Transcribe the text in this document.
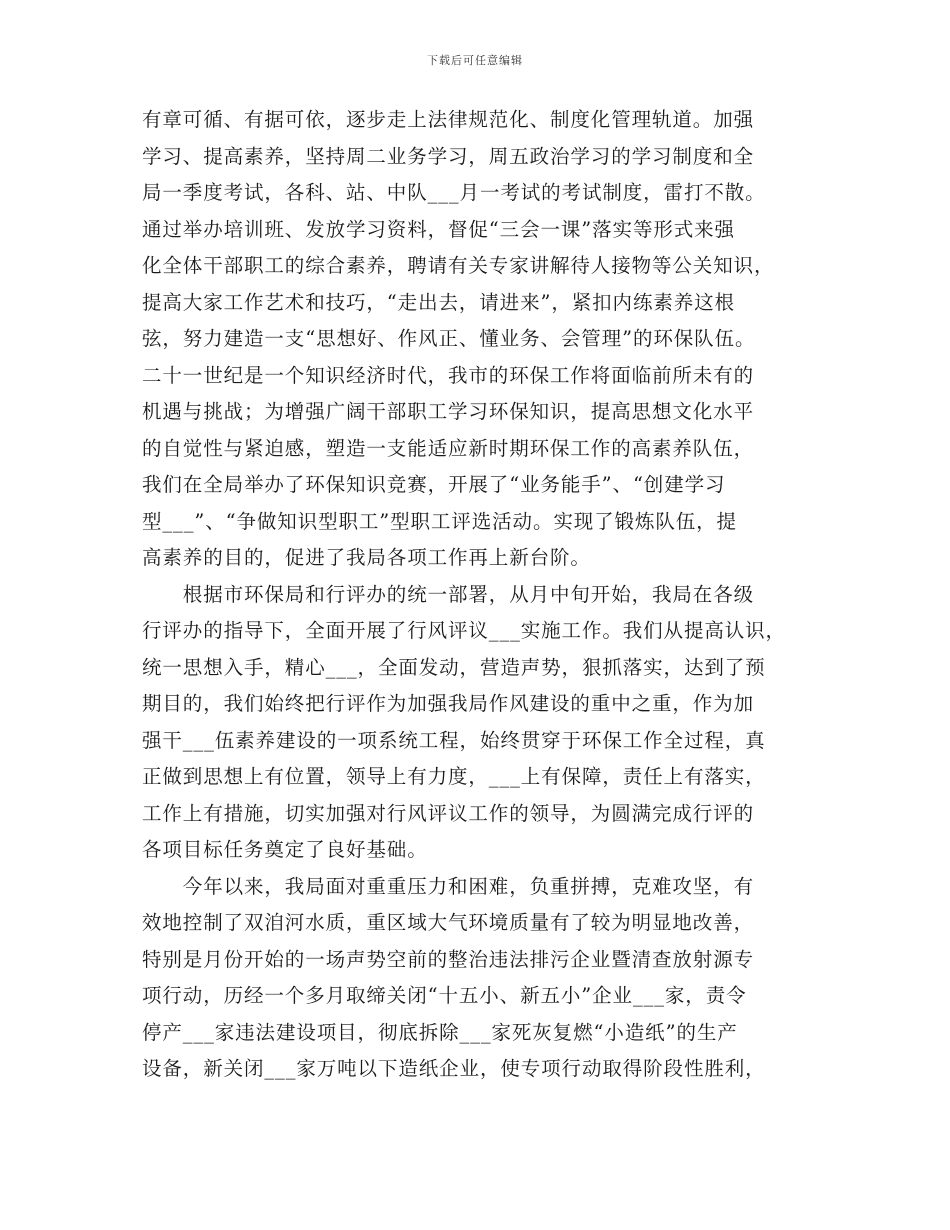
下载后可任意编辑
有章可循、有据可依，逐步走上法律规范化、制度化管理轨道。加强
学习、提高素养，坚持周二业务学习，周五政治学习的学习制度和全
局一季度考试，各科、站、中队___月一考试的考试制度，雷打不散。
通过举办培训班、发放学习资料，督促“三会一课”落实等形式来强
化全体干部职工的综合素养，聘请有关专家讲解待人接物等公关知识，
提高大家工作艺术和技巧，“走出去，请进来”，紧扣内练素养这根
弦，努力建造一支“思想好、作风正、懂业务、会管理”的环保队伍。
二十一世纪是一个知识经济时代，我市的环保工作将面临前所未有的
机遇与挑战；为增强广阔干部职工学习环保知识，提高思想文化水平
的自觉性与紧迫感，塑造一支能适应新时期环保工作的高素养队伍，
我们在全局举办了环保知识竞赛，开展了“业务能手”、“创建学习
型___”、“争做知识型职工”型职工评选活动。实现了锻炼队伍，提
高素养的目的，促进了我局各项工作再上新台阶。
　　根据市环保局和行评办的统一部署，从月中旬开始，我局在各级
行评办的指导下，全面开展了行风评议___实施工作。我们从提高认识，
统一思想入手，精心___，全面发动，营造声势，狠抓落实，达到了预
期目的，我们始终把行评作为加强我局作风建设的重中之重，作为加
强干___伍素养建设的一项系统工程，始终贯穿于环保工作全过程，真
正做到思想上有位置，领导上有力度，___上有保障，责任上有落实，
工作上有措施，切实加强对行风评议工作的领导，为圆满完成行评的
各项目标任务奠定了良好基础。
　　今年以来，我局面对重重压力和困难，负重拼搏，克难攻坚，有
效地控制了双洎河水质，重区域大气环境质量有了较为明显地改善，
特别是月份开始的一场声势空前的整治违法排污企业暨清查放射源专
项行动，历经一个多月取缔关闭“十五小、新五小”企业___家，责令
停产___家违法建设项目，彻底拆除___家死灰复燃“小造纸”的生产
设备，新关闭___家万吨以下造纸企业，使专项行动取得阶段性胜利，
